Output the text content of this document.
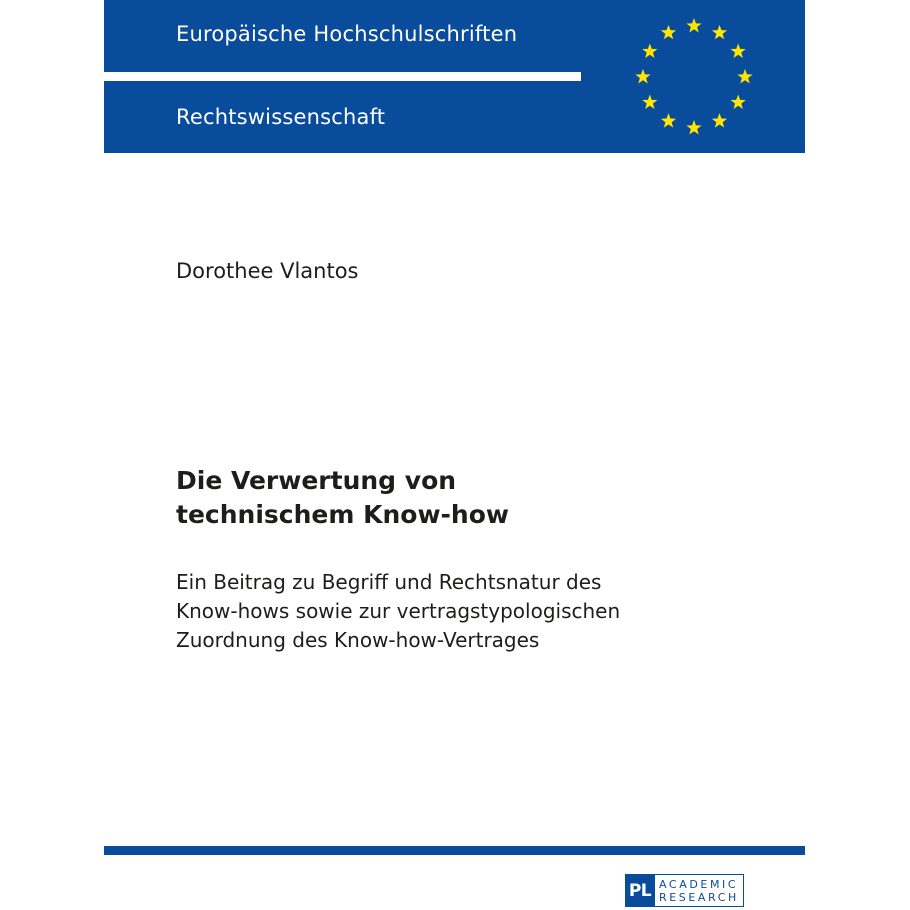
Europäische Hochschulschriften
Rechtswissenschaft
Dorothee Vlantos
Die Verwertung von
technischem Know-how

Ein Beitrag zu Begriff und Rechtsnatur des
Know-hows sowie zur vertragstypologischen
Zuordnung des Know-how-Vertrages

PL ACADEMIC
RESEARCH
